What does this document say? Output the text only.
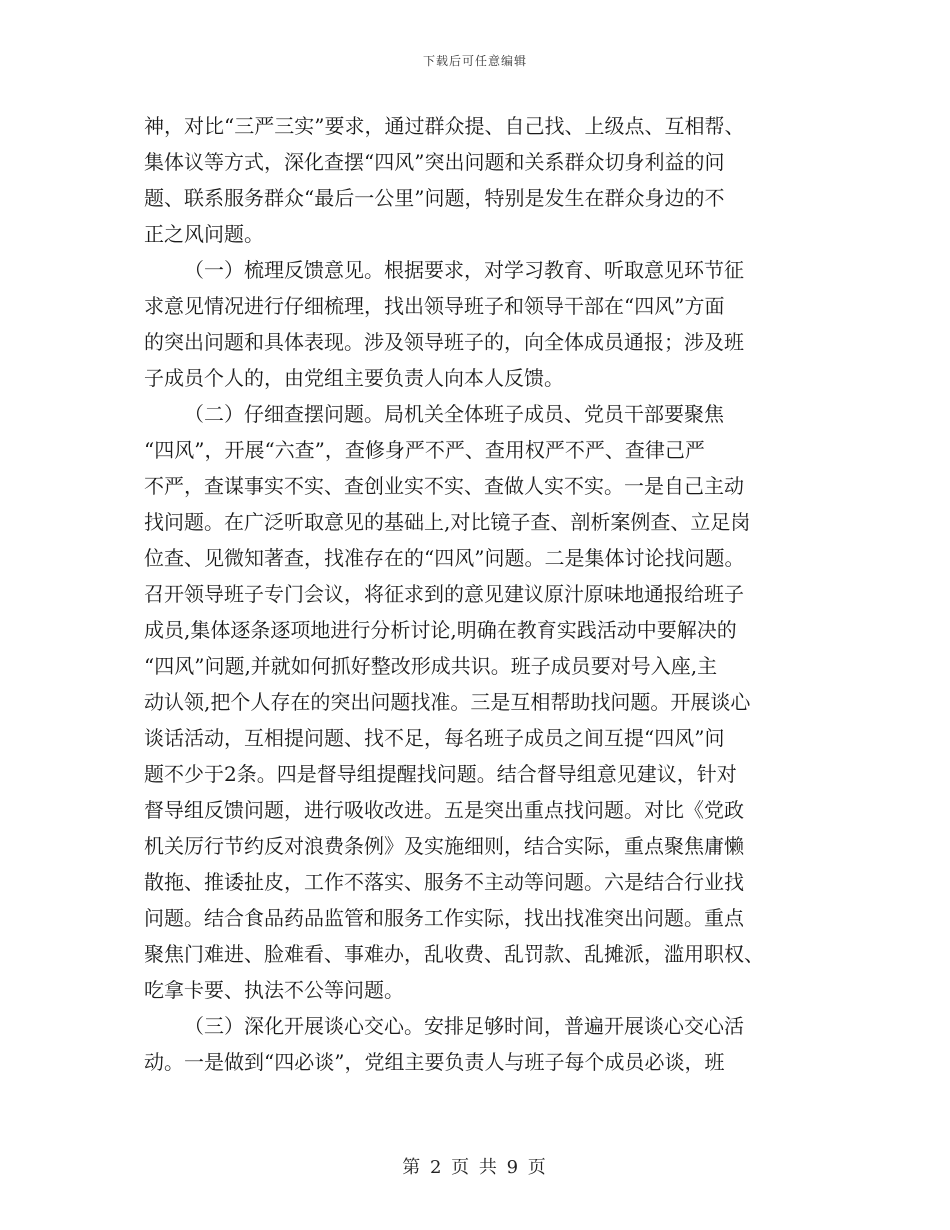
下载后可任意编辑
神，对比“三严三实”要求，通过群众提、自己找、上级点、互相帮、
集体议等方式，深化查摆“四风”突出问题和关系群众切身利益的问
题、联系服务群众“最后一公里”问题，特别是发生在群众身边的不
正之风问题。
（一）梳理反馈意见。根据要求，对学习教育、听取意见环节征
求意见情况进行仔细梳理，找出领导班子和领导干部在“四风”方面
的突出问题和具体表现。涉及领导班子的，向全体成员通报；涉及班
子成员个人的，由党组主要负责人向本人反馈。
（二）仔细查摆问题。局机关全体班子成员、党员干部要聚焦
“四风”，开展“六查”，查修身严不严、查用权严不严、查律己严
不严，查谋事实不实、查创业实不实、查做人实不实。一是自己主动
找问题。在广泛听取意见的基础上,对比镜子查、剖析案例查、立足岗
位查、见微知著查，找准存在的“四风”问题。二是集体讨论找问题。
召开领导班子专门会议，将征求到的意见建议原汁原味地通报给班子
成员,集体逐条逐项地进行分析讨论,明确在教育实践活动中要解决的
“四风”问题,并就如何抓好整改形成共识。班子成员要对号入座,主
动认领,把个人存在的突出问题找准。三是互相帮助找问题。开展谈心
谈话活动，互相提问题、找不足，每名班子成员之间互提“四风”问
题不少于2条。四是督导组提醒找问题。结合督导组意见建议，针对
督导组反馈问题，进行吸收改进。五是突出重点找问题。对比《党政
机关厉行节约反对浪费条例》及实施细则，结合实际，重点聚焦庸懒
散拖、推诿扯皮，工作不落实、服务不主动等问题。六是结合行业找
问题。结合食品药品监管和服务工作实际，找出找准突出问题。重点
聚焦门难进、脸难看、事难办，乱收费、乱罚款、乱摊派，滥用职权、
吃拿卡要、执法不公等问题。
（三）深化开展谈心交心。安排足够时间，普遍开展谈心交心活
动。一是做到“四必谈”，党组主要负责人与班子每个成员必谈，班
第 2 页 共 9 页
